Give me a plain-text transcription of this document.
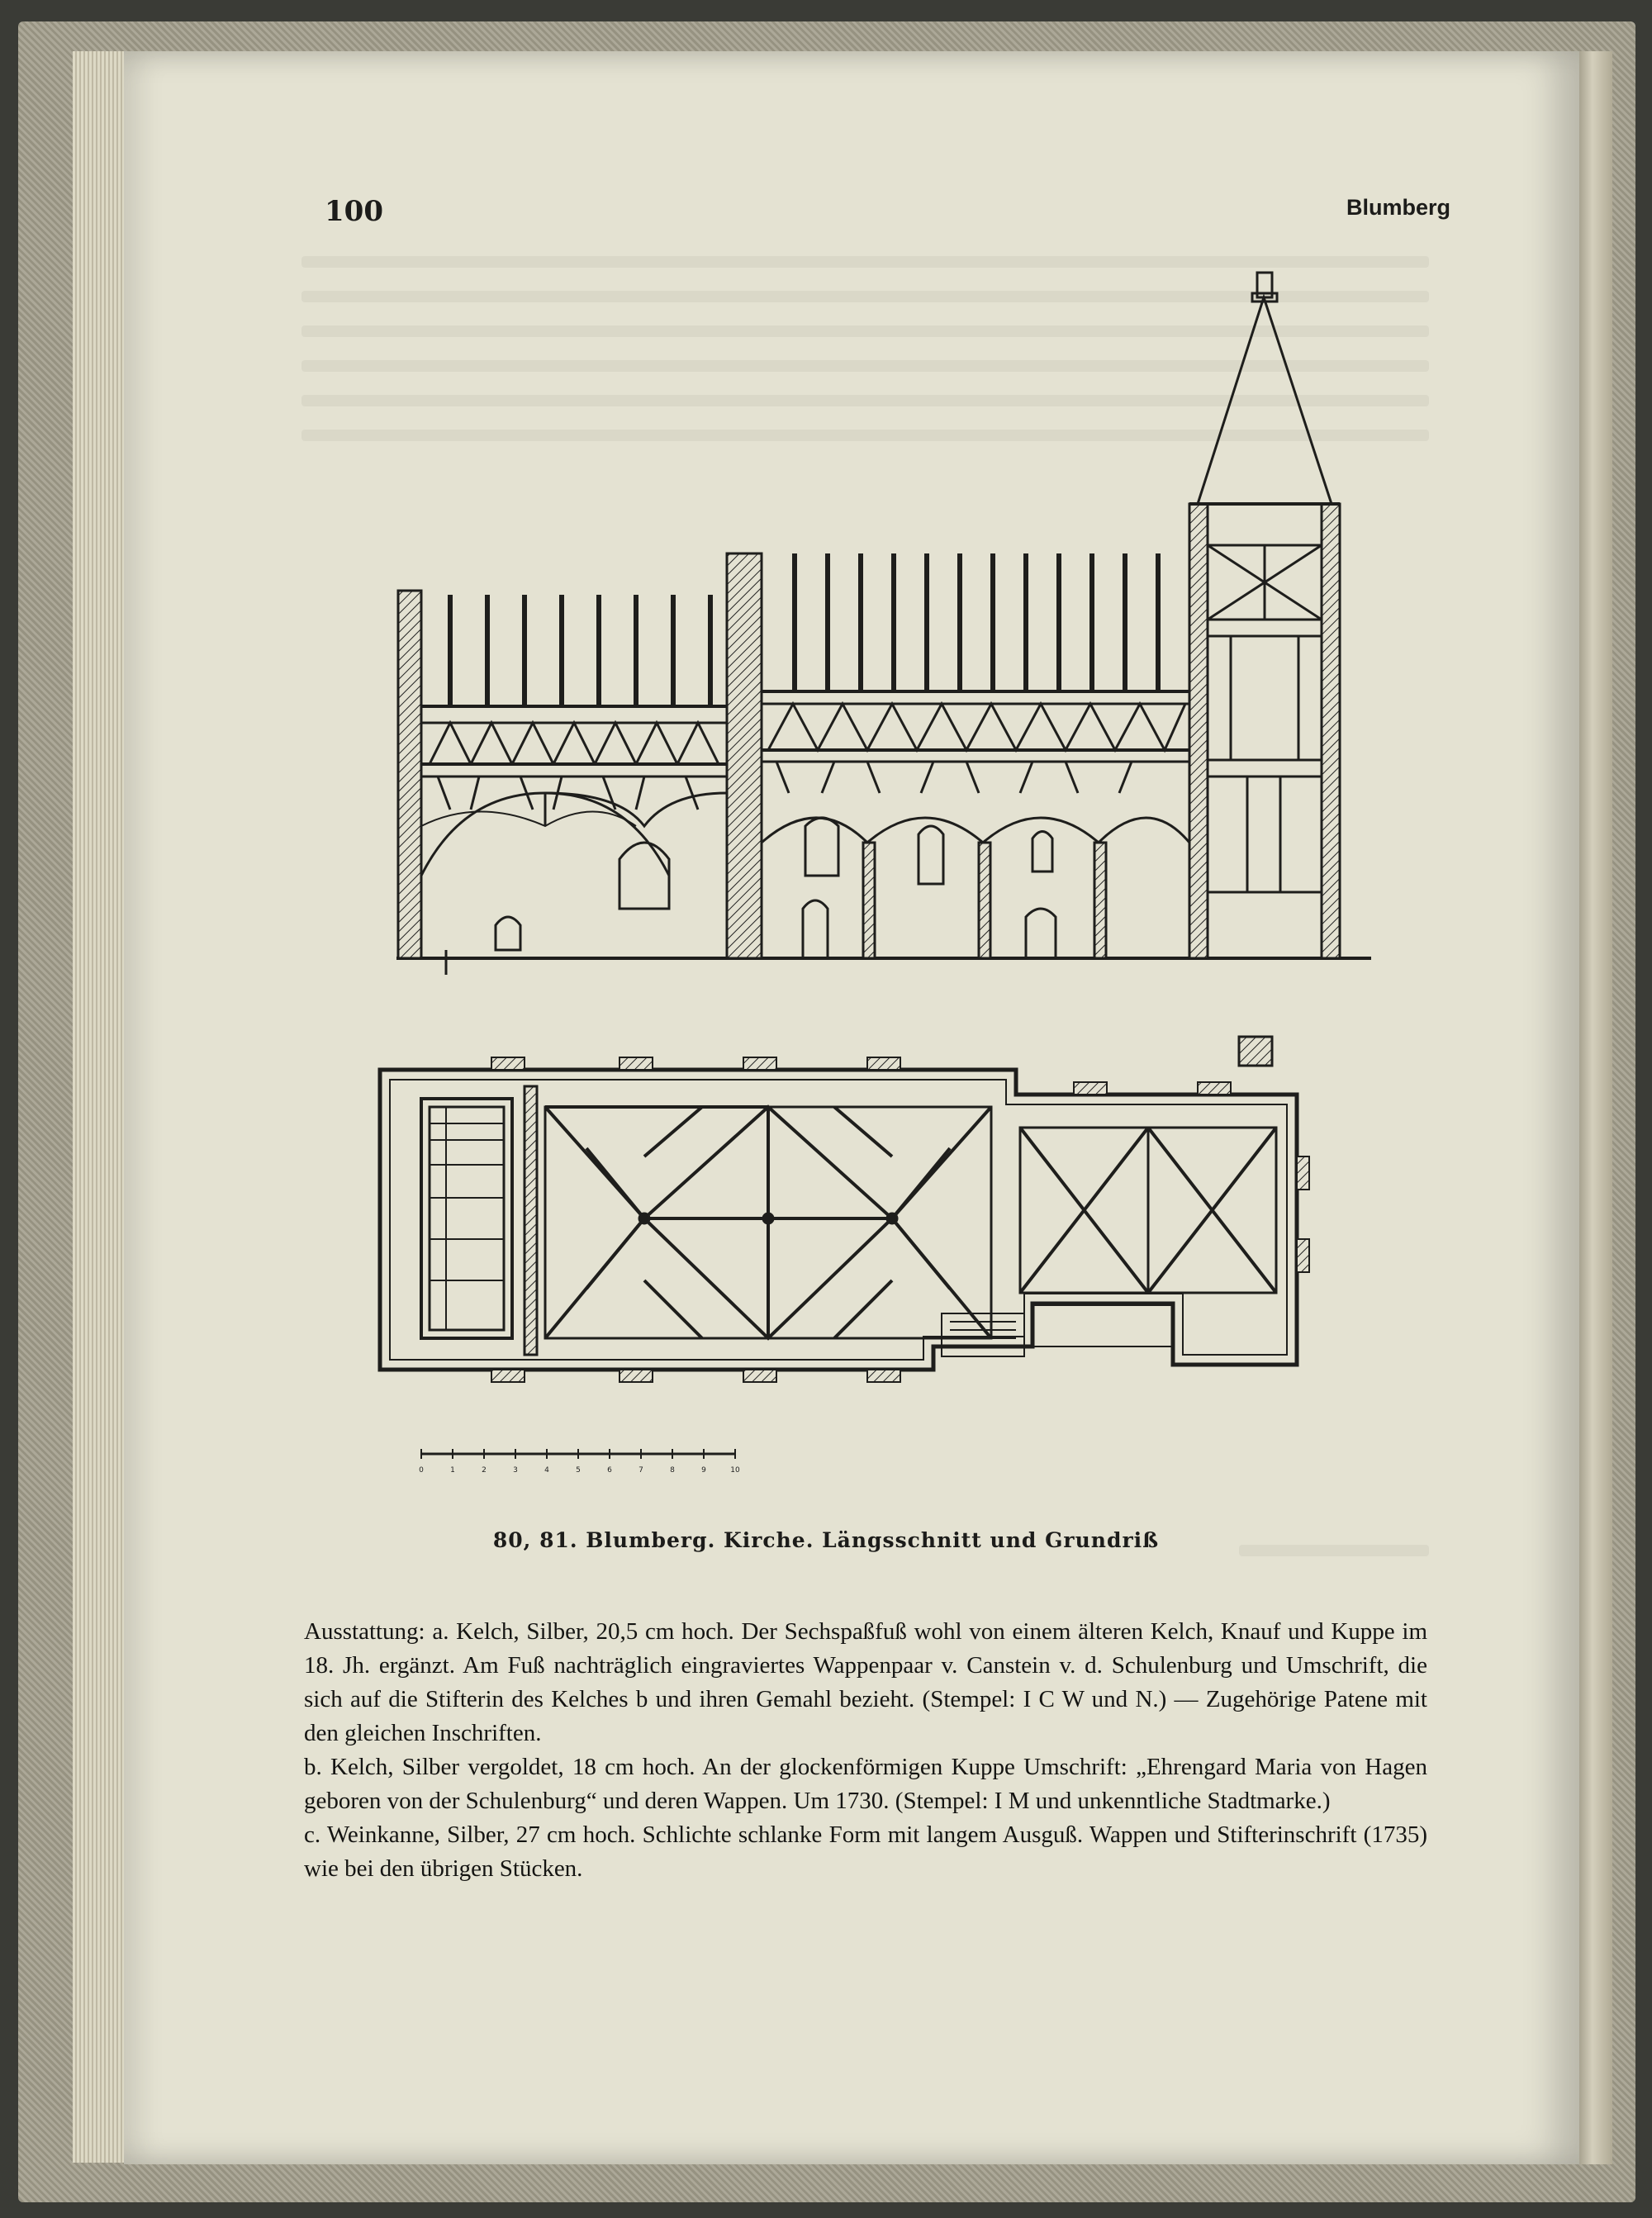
100	Blumberg
0	1	2	3	4	5	6	7	8	9	10
80, 81. Blumberg. Kirche. Längsschnitt und Grundriß

Ausstattung: a. Kelch, Silber, 20,5 cm hoch. Der Sechspaßfuß wohl von einem älteren Kelch, Knauf und Kuppe im 18. Jh. ergänzt. Am Fuß nachträglich eingraviertes Wappenpaar v. Canstein v. d. Schulenburg und Umschrift, die sich auf die Stifterin des Kelches b und ihren Gemahl bezieht. (Stempel: I C W und N.) — Zugehörige Patene mit den gleichen Inschriften.

b. Kelch, Silber vergoldet, 18 cm hoch. An der glockenförmigen Kuppe Umschrift: „Ehrengard Maria von Hagen geboren von der Schulenburg“ und deren Wappen. Um 1730. (Stempel: I M und unkenntliche Stadtmarke.)

c. Weinkanne, Silber, 27 cm hoch. Schlichte schlanke Form mit langem Ausguß. Wappen und Stifterinschrift (1735) wie bei den übrigen Stücken.
